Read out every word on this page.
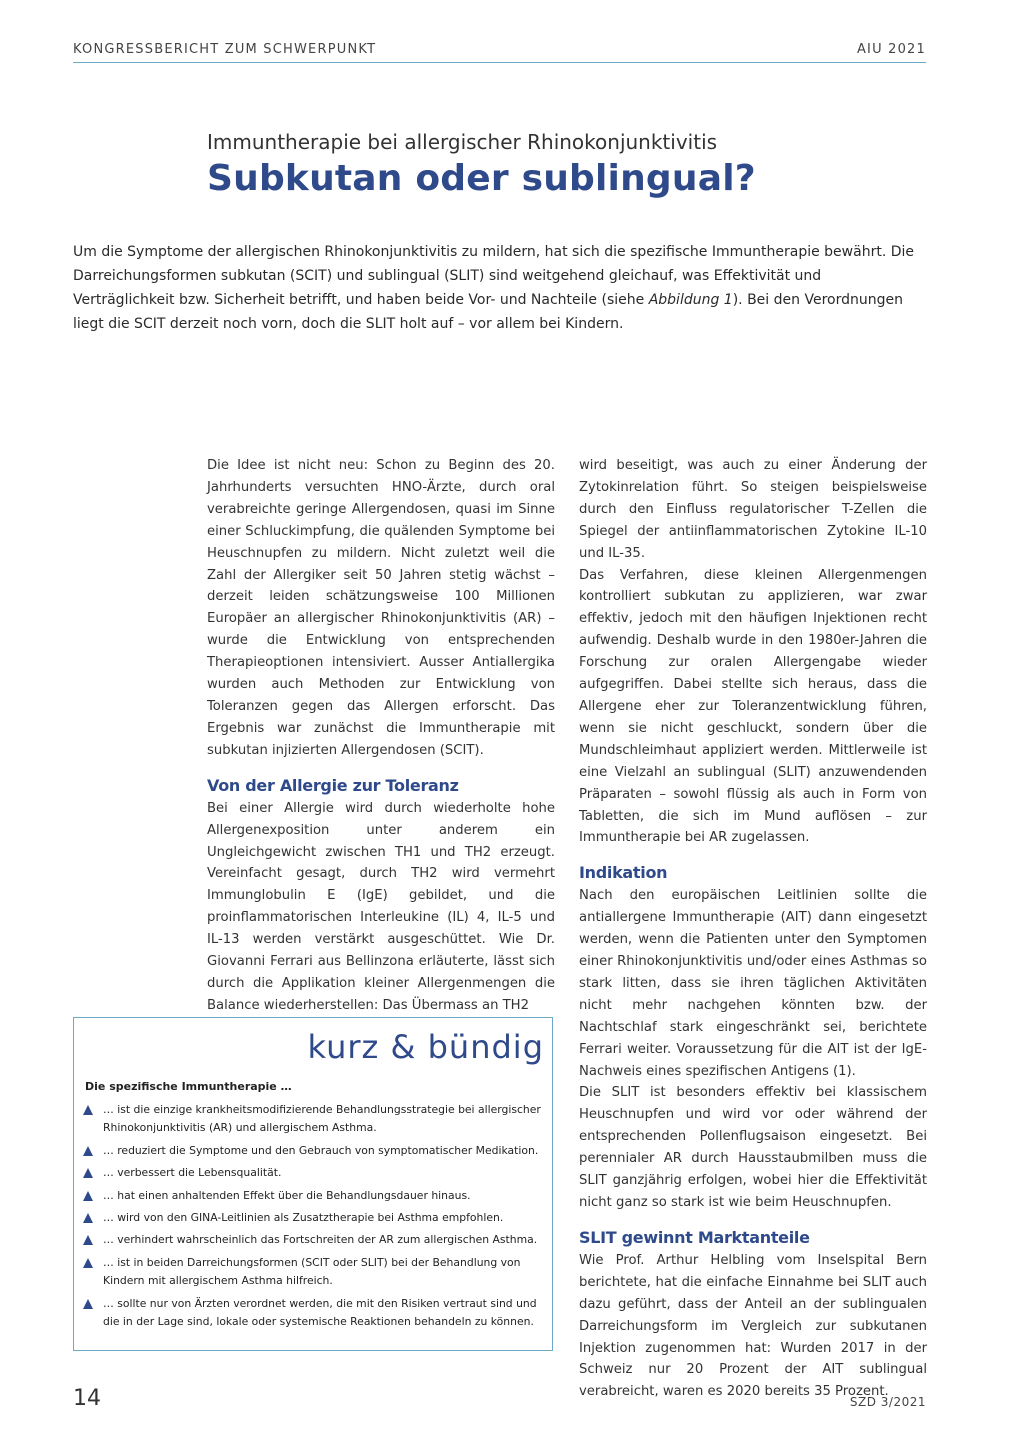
KONGRESSBERICHT ZUM SCHWERPUNKT	AIU 2021
Immuntherapie bei allergischer Rhinokonjunktivitis
Subkutan oder sublingual?

Um die Symptome der allergischen Rhinokonjunktivitis zu mildern, hat sich die spezifische Immuntherapie bewährt. Die Darreichungsformen subkutan (SCIT) und sublingual (SLIT) sind weitgehend gleichauf, was Effektivität und Verträglichkeit bzw. Sicherheit betrifft, und haben beide Vor- und Nachteile (siehe Abbildung 1). Bei den Verordnungen liegt die SCIT derzeit noch vorn, doch die SLIT holt auf – vor allem bei Kindern.

Die Idee ist nicht neu: Schon zu Beginn des 20. Jahrhunderts versuchten HNO-Ärzte, durch oral verabreichte geringe Allergendosen, quasi im Sinne einer Schluckimpfung, die quälenden Symptome bei Heuschnupfen zu mildern. Nicht zuletzt weil die Zahl der Allergiker seit 50 Jahren stetig wächst – derzeit leiden schätzungsweise 100 Millionen Europäer an allergischer Rhinokonjunktivitis (AR) – wurde die Entwicklung von entsprechenden Therapieoptionen intensiviert. Ausser Antiallergika wurden auch Methoden zur Entwicklung von Toleranzen gegen das Allergen erforscht. Das Ergebnis war zunächst die Immuntherapie mit subkutan injizierten Allergendosen (SCIT).

Von der Allergie zur Toleranz

Bei einer Allergie wird durch wiederholte hohe Allergenexposition unter anderem ein Ungleichgewicht zwischen TH1 und TH2 erzeugt. Vereinfacht gesagt, durch TH2 wird vermehrt Immunglobulin E (IgE) gebildet, und die proinflammatorischen Interleukine (IL) 4, IL-5 und IL-13 werden verstärkt ausgeschüttet. Wie Dr. Giovanni Ferrari aus Bellinzona erläuterte, lässt sich durch die Applikation kleiner Allergenmengen die Balance wiederherstellen: Das Übermass an TH2

wird beseitigt, was auch zu einer Änderung der Zytokinrelation führt. So steigen beispielsweise durch den Einfluss regulatorischer T-Zellen die Spiegel der antiinflammatorischen Zytokine IL-10 und IL-35.

Das Verfahren, diese kleinen Allergenmengen kontrolliert subkutan zu applizieren, war zwar effektiv, jedoch mit den häufigen Injektionen recht aufwendig. Deshalb wurde in den 1980er-Jahren die Forschung zur oralen Allergengabe wieder aufgegriffen. Dabei stellte sich heraus, dass die Allergene eher zur Toleranzentwicklung führen, wenn sie nicht geschluckt, sondern über die Mundschleimhaut appliziert werden. Mittlerweile ist eine Vielzahl an sublingual (SLIT) anzuwendenden Präparaten – sowohl flüssig als auch in Form von Tabletten, die sich im Mund auflösen – zur Immuntherapie bei AR zugelassen.

Indikation

Nach den europäischen Leitlinien sollte die antiallergene Immuntherapie (AIT) dann eingesetzt werden, wenn die Patienten unter den Symptomen einer Rhinokonjunktivitis und/oder eines Asthmas so stark litten, dass sie ihren täglichen Aktivitäten nicht mehr nachgehen könnten bzw. der Nachtschlaf stark eingeschränkt sei, berichtete Ferrari weiter. Voraussetzung für die AIT ist der IgE-Nachweis eines spezifischen Antigens (1).

Die SLIT ist besonders effektiv bei klassischem Heuschnupfen und wird vor oder während der entsprechenden Pollenflugsaison eingesetzt. Bei perennialer AR durch Hausstaubmilben muss die SLIT ganzjährig erfolgen, wobei hier die Effektivität nicht ganz so stark ist wie beim Heuschnupfen.

SLIT gewinnt Marktanteile

Wie Prof. Arthur Helbling vom Inselspital Bern berichtete, hat die einfache Einnahme bei SLIT auch dazu geführt, dass der Anteil an der sublingualen Darreichungsform im Vergleich zur subkutanen Injektion zugenommen hat: Wurden 2017 in der Schweiz nur 20 Prozent der AIT sublingual verabreicht, waren es 2020 bereits 35 Prozent.

kurz & bündig
Die spezifische Immuntherapie …
… ist die einzige krankheitsmodifizierende Behandlungsstrategie bei allergischer Rhinokonjunktivitis (AR) und allergischem Asthma.
… reduziert die Symptome und den Gebrauch von symptomatischer Medikation.
… verbessert die Lebensqualität.
… hat einen anhaltenden Effekt über die Behandlungsdauer hinaus.
… wird von den GINA-Leitlinien als Zusatztherapie bei Asthma empfohlen.
… verhindert wahrscheinlich das Fortschreiten der AR zum allergischen Asthma.
… ist in beiden Darreichungsformen (SCIT oder SLIT) bei der Behandlung von Kindern mit allergischem Asthma hilfreich.
… sollte nur von Ärzten verordnet werden, die mit den Risiken vertraut sind und die in der Lage sind, lokale oder systemische Reaktionen behandeln zu können.
14	SZD 3/2021
